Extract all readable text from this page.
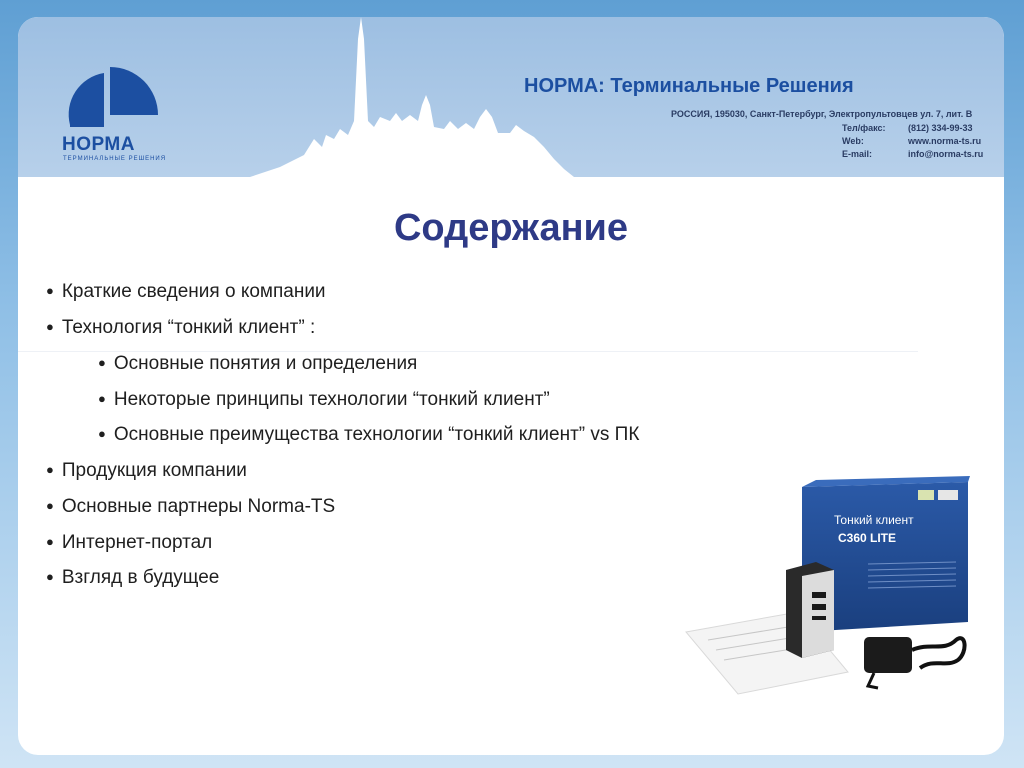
НОРМА
ТЕРМИНАЛЬНЫЕ РЕШЕНИЯ
НОРМА: Терминальные Решения
РОССИЯ, 195030, Санкт-Петербург, Электропультовцев ул. 7, лит. В
Тел/факс:	(812) 334-99-33
Web:	www.norma-ts.ru
E-mail:	info@norma-ts.ru
Содержание
● Краткие сведения о компании
● Технология “тонкий клиент” :
● Основные понятия и определения
● Некоторые принципы технологии “тонкий клиент”
● Основные преимущества технологии “тонкий клиент” vs ПК
● Продукция компании
● Основные партнеры Norma-TS
● Интернет-портал
● Взгляд в будущее
Тонкий клиент
C360 LITE
